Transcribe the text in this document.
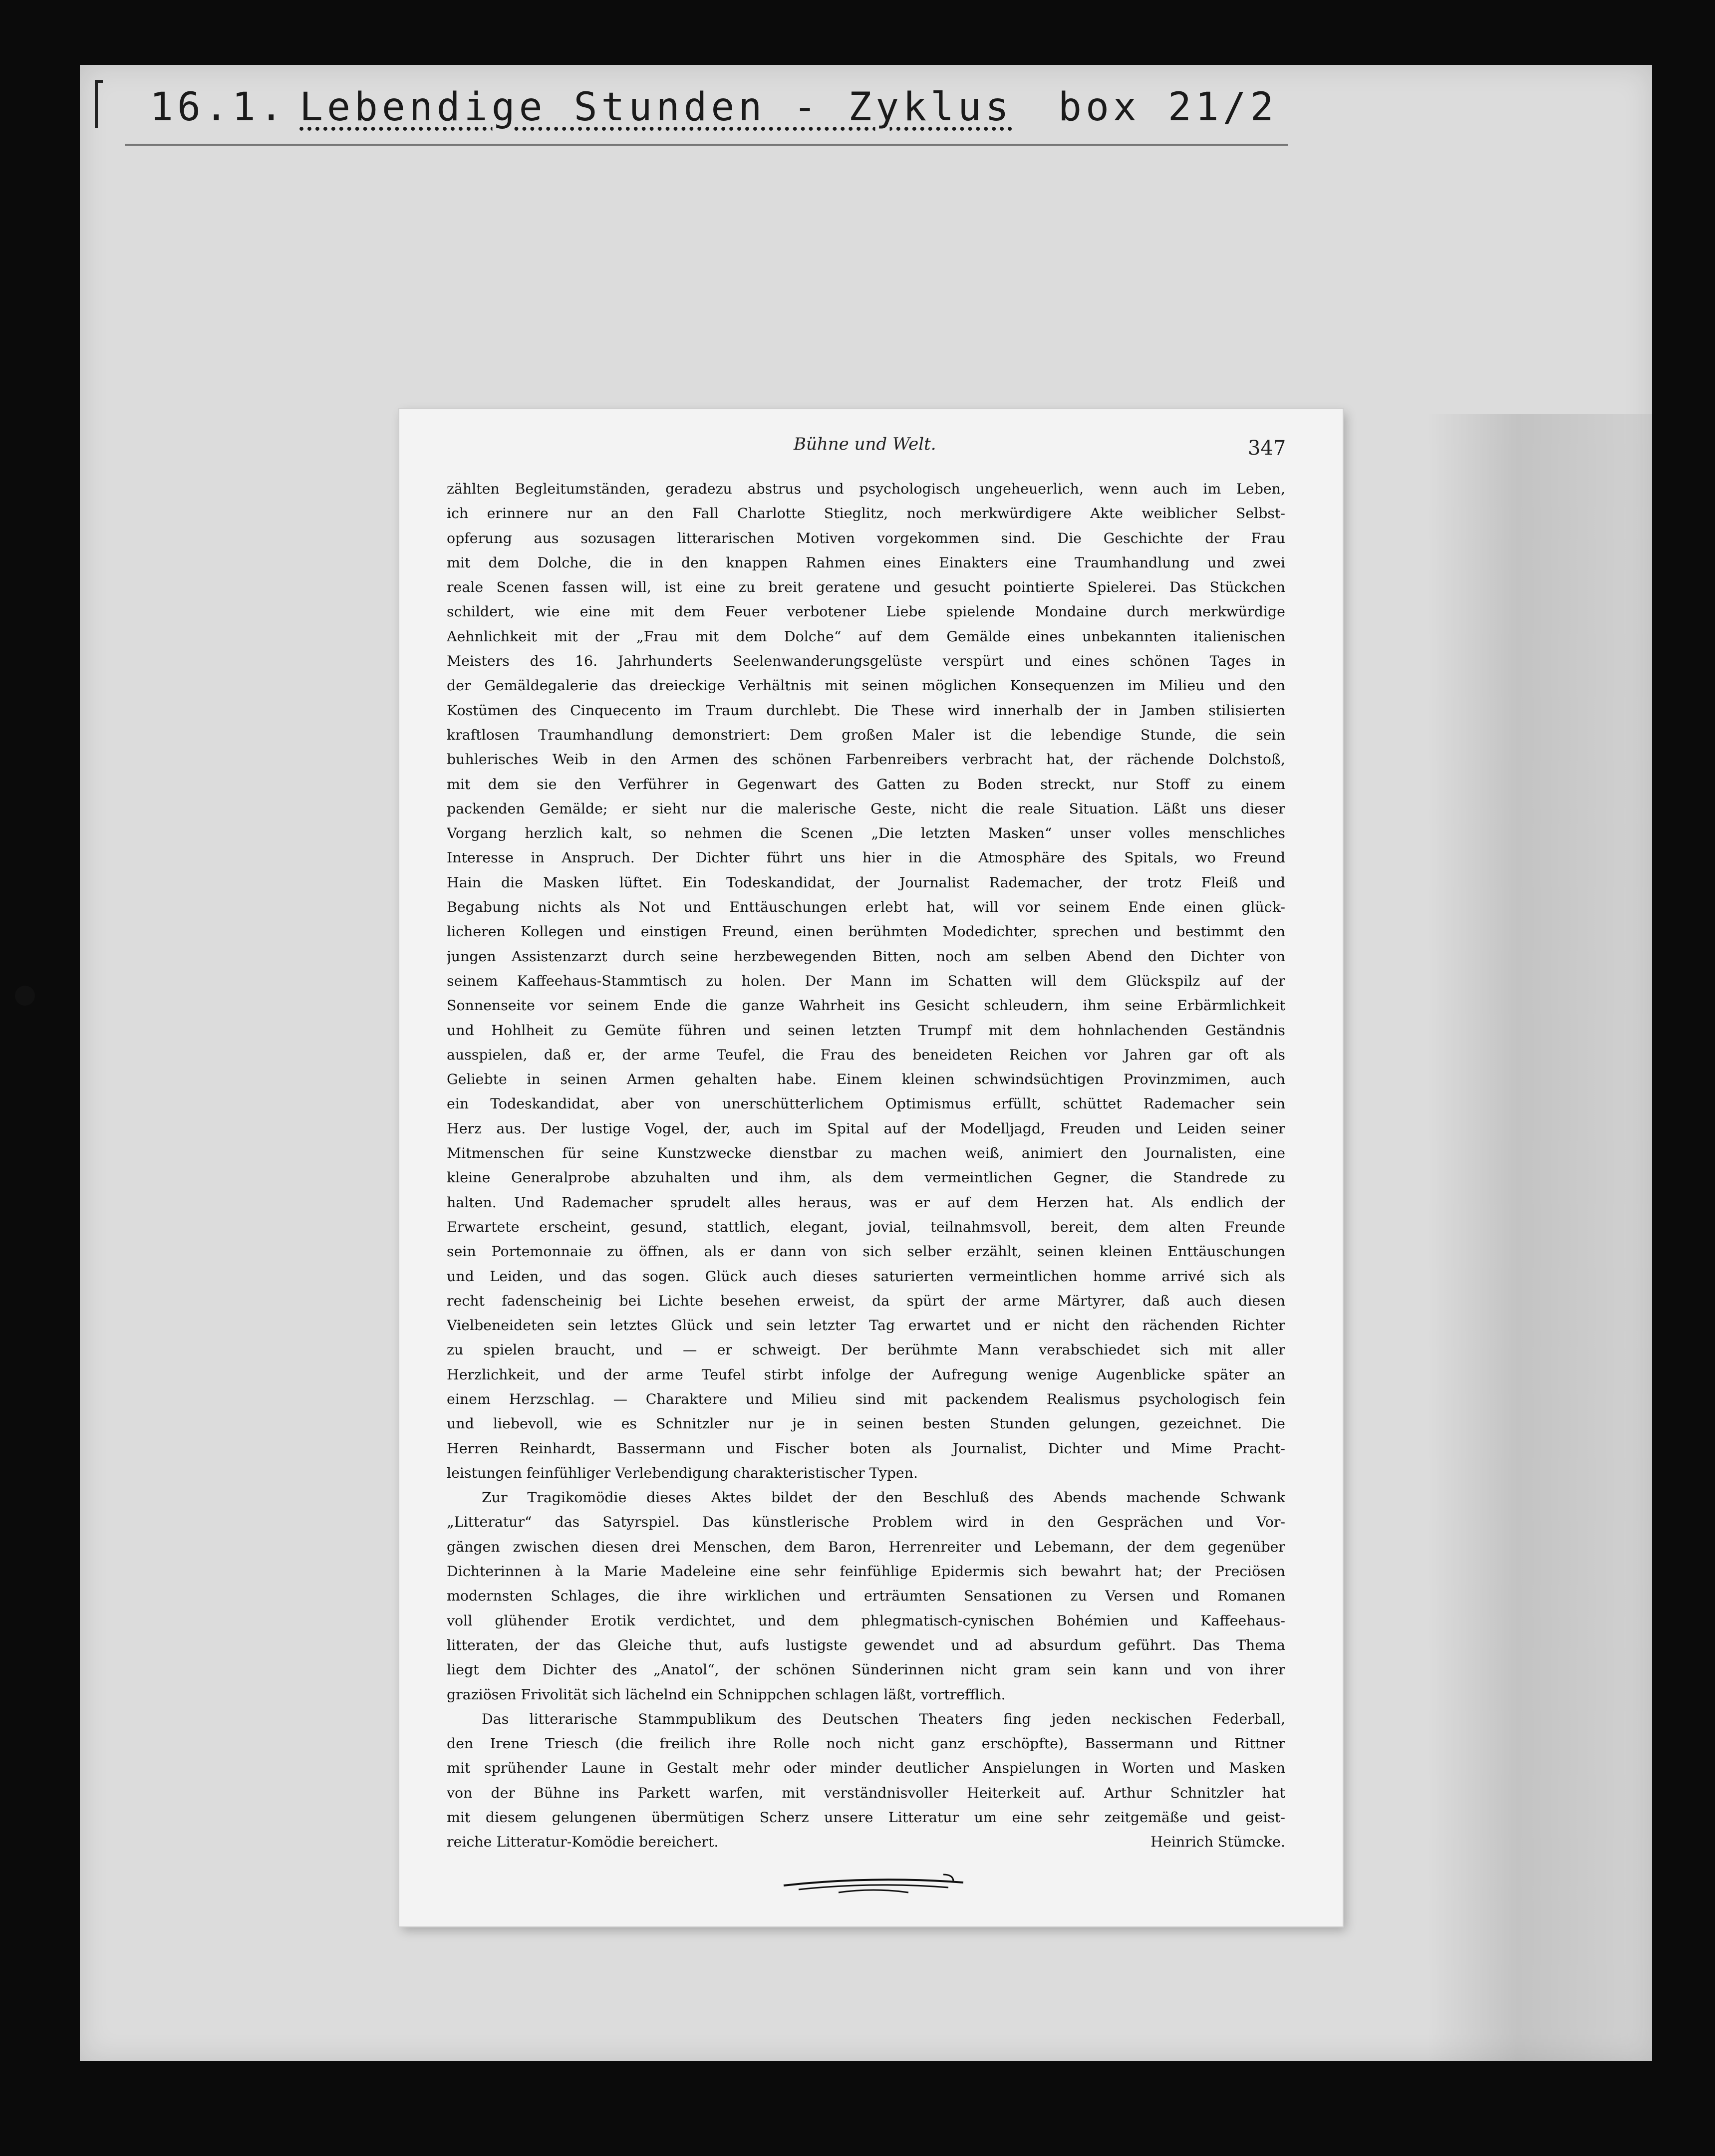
16.1. Lebendige Stunden - Zyklus box 21/2
Bühne und Welt.	347
zählten Begleitumständen, geradezu abstrus und psychologisch ungeheuerlich, wenn auch im Leben,
ich erinnere nur an den Fall Charlotte Stieglitz, noch merkwürdigere Akte weiblicher Selbst-
opferung aus sozusagen litterarischen Motiven vorgekommen sind. Die Geschichte der Frau
mit dem Dolche, die in den knappen Rahmen eines Einakters eine Traumhandlung und zwei
reale Scenen fassen will, ist eine zu breit geratene und gesucht pointierte Spielerei. Das Stückchen
schildert, wie eine mit dem Feuer verbotener Liebe spielende Mondaine durch merkwürdige
Aehnlichkeit mit der „Frau mit dem Dolche“ auf dem Gemälde eines unbekannten italienischen
Meisters des 16. Jahrhunderts Seelenwanderungsgelüste verspürt und eines schönen Tages in
der Gemäldegalerie das dreieckige Verhältnis mit seinen möglichen Konsequenzen im Milieu und den
Kostümen des Cinquecento im Traum durchlebt. Die These wird innerhalb der in Jamben stilisierten
kraftlosen Traumhandlung demonstriert: Dem großen Maler ist die lebendige Stunde, die sein
buhlerisches Weib in den Armen des schönen Farbenreibers verbracht hat, der rächende Dolchstoß,
mit dem sie den Verführer in Gegenwart des Gatten zu Boden streckt, nur Stoff zu einem
packenden Gemälde; er sieht nur die malerische Geste, nicht die reale Situation. Läßt uns dieser
Vorgang herzlich kalt, so nehmen die Scenen „Die letzten Masken“ unser volles menschliches
Interesse in Anspruch. Der Dichter führt uns hier in die Atmosphäre des Spitals, wo Freund
Hain die Masken lüftet. Ein Todeskandidat, der Journalist Rademacher, der trotz Fleiß und
Begabung nichts als Not und Enttäuschungen erlebt hat, will vor seinem Ende einen glück-
licheren Kollegen und einstigen Freund, einen berühmten Modedichter, sprechen und bestimmt den
jungen Assistenzarzt durch seine herzbewegenden Bitten, noch am selben Abend den Dichter von
seinem Kaffeehaus-Stammtisch zu holen. Der Mann im Schatten will dem Glückspilz auf der
Sonnenseite vor seinem Ende die ganze Wahrheit ins Gesicht schleudern, ihm seine Erbärmlichkeit
und Hohlheit zu Gemüte führen und seinen letzten Trumpf mit dem hohnlachenden Geständnis
ausspielen, daß er, der arme Teufel, die Frau des beneideten Reichen vor Jahren gar oft als
Geliebte in seinen Armen gehalten habe. Einem kleinen schwindsüchtigen Provinzmimen, auch
ein Todeskandidat, aber von unerschütterlichem Optimismus erfüllt, schüttet Rademacher sein
Herz aus. Der lustige Vogel, der, auch im Spital auf der Modelljagd, Freuden und Leiden seiner
Mitmenschen für seine Kunstzwecke dienstbar zu machen weiß, animiert den Journalisten, eine
kleine Generalprobe abzuhalten und ihm, als dem vermeintlichen Gegner, die Standrede zu
halten. Und Rademacher sprudelt alles heraus, was er auf dem Herzen hat. Als endlich der
Erwartete erscheint, gesund, stattlich, elegant, jovial, teilnahmsvoll, bereit, dem alten Freunde
sein Portemonnaie zu öffnen, als er dann von sich selber erzählt, seinen kleinen Enttäuschungen
und Leiden, und das sogen. Glück auch dieses saturierten vermeintlichen homme arrivé sich als
recht fadenscheinig bei Lichte besehen erweist, da spürt der arme Märtyrer, daß auch diesen
Vielbeneideten sein letztes Glück und sein letzter Tag erwartet und er nicht den rächenden Richter
zu spielen braucht, und — er schweigt. Der berühmte Mann verabschiedet sich mit aller
Herzlichkeit, und der arme Teufel stirbt infolge der Aufregung wenige Augenblicke später an
einem Herzschlag. — Charaktere und Milieu sind mit packendem Realismus psychologisch fein
und liebevoll, wie es Schnitzler nur je in seinen besten Stunden gelungen, gezeichnet. Die
Herren Reinhardt, Bassermann und Fischer boten als Journalist, Dichter und Mime Pracht-
leistungen feinfühliger Verlebendigung charakteristischer Typen.
Zur Tragikomödie dieses Aktes bildet der den Beschluß des Abends machende Schwank
„Litteratur“ das Satyrspiel. Das künstlerische Problem wird in den Gesprächen und Vor-
gängen zwischen diesen drei Menschen, dem Baron, Herrenreiter und Lebemann, der dem gegenüber
Dichterinnen à la Marie Madeleine eine sehr feinfühlige Epidermis sich bewahrt hat; der Preciösen
modernsten Schlages, die ihre wirklichen und erträumten Sensationen zu Versen und Romanen
voll glühender Erotik verdichtet, und dem phlegmatisch-cynischen Bohémien und Kaffeehaus-
litteraten, der das Gleiche thut, aufs lustigste gewendet und ad absurdum geführt. Das Thema
liegt dem Dichter des „Anatol“, der schönen Sünderinnen nicht gram sein kann und von ihrer
graziösen Frivolität sich lächelnd ein Schnippchen schlagen läßt, vortrefflich.
Das litterarische Stammpublikum des Deutschen Theaters fing jeden neckischen Federball,
den Irene Triesch (die freilich ihre Rolle noch nicht ganz erschöpfte), Bassermann und Rittner
mit sprühender Laune in Gestalt mehr oder minder deutlicher Anspielungen in Worten und Masken
von der Bühne ins Parkett warfen, mit verständnisvoller Heiterkeit auf. Arthur Schnitzler hat
mit diesem gelungenen übermütigen Scherz unsere Litteratur um eine sehr zeitgemäße und geist-
reiche Litteratur-Komödie bereichert.	Heinrich Stümcke.
